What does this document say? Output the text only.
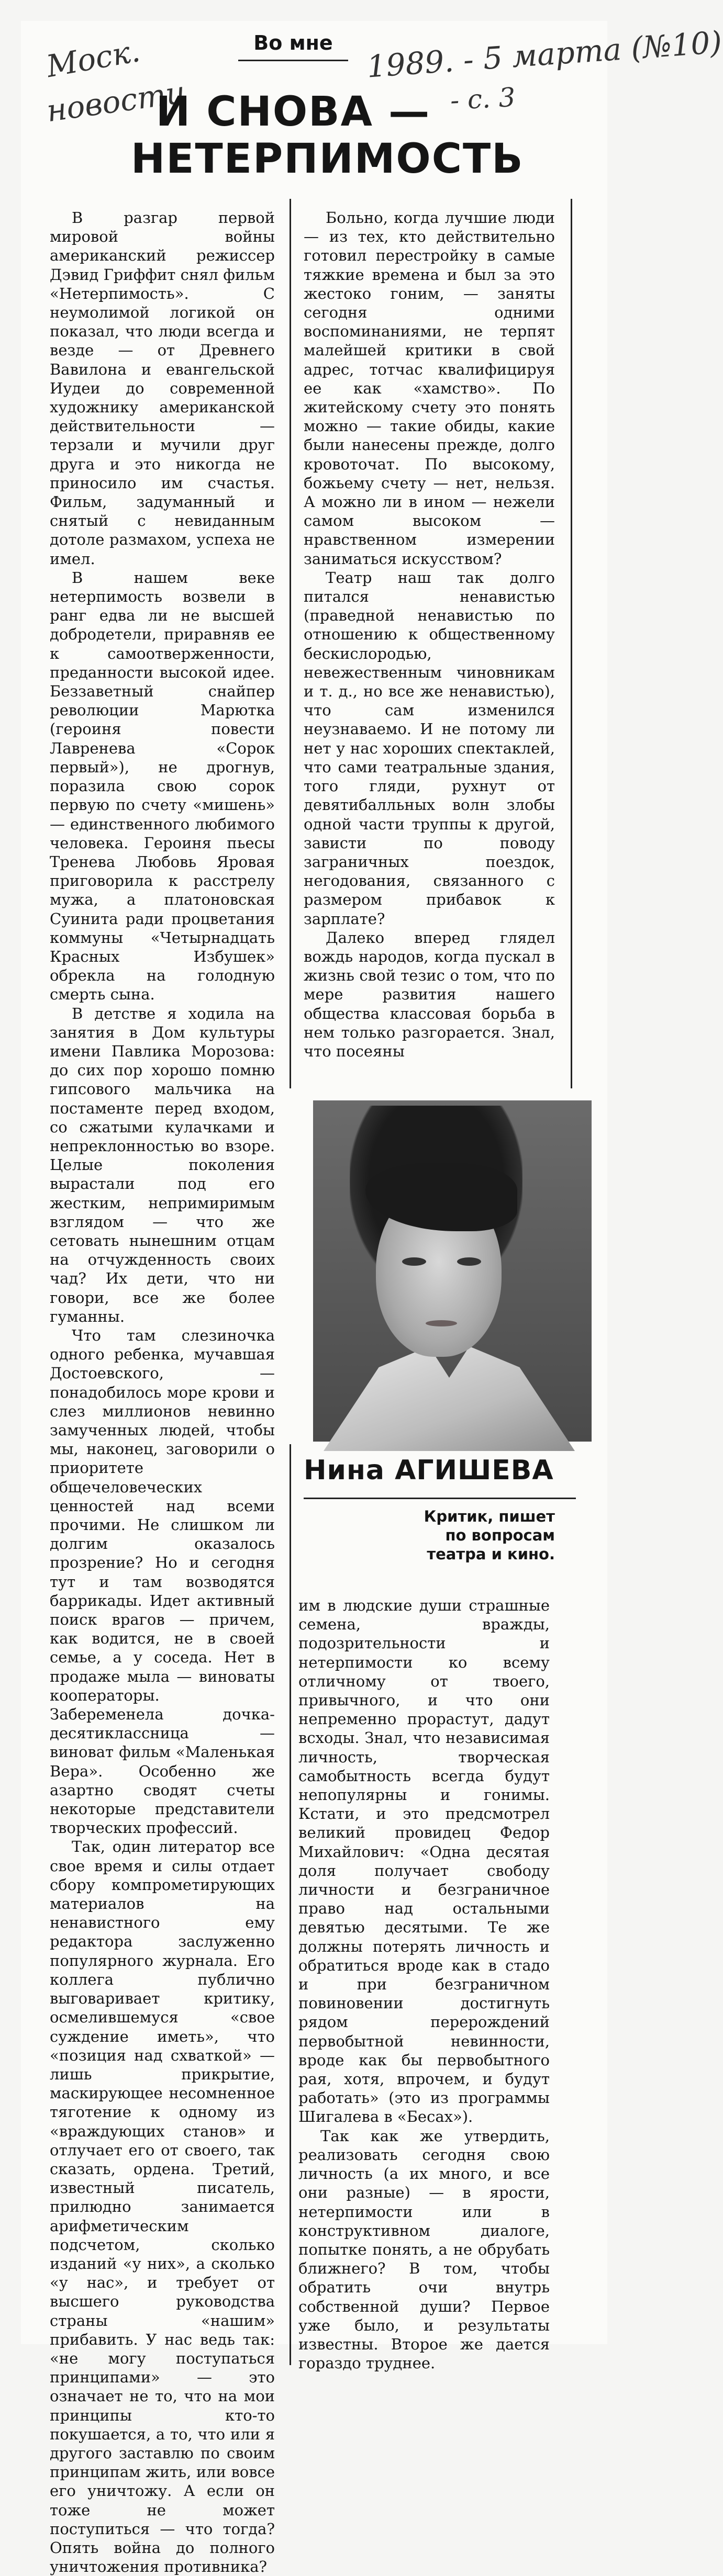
Моск.
новости
1989. - 5 марта (№10)
- с. 3
Во мне
И СНОВА —
НЕТЕРПИМОСТЬ

В разгар первой мировой войны американский режиссер Дэвид Гриффит снял фильм «Нетерпимость». С неумолимой логикой он показал, что люди всегда и везде — от Древнего Вавилона и евангельской Иудеи до современной художнику американской действительности — терзали и мучили друг друга и это никогда не приносило им счастья. Фильм, задуманный и снятый с невиданным дотоле размахом, успеха не имел.

В нашем веке нетерпимость возвели в ранг едва ли не высшей добродетели, приравняв ее к самоотверженности, преданности высокой идее. Беззаветный снайпер революции Марютка (героиня повести Лавренева «Сорок первый»), не дрогнув, поразила свою сорок первую по счету «мишень» — единственного любимого человека. Героиня пьесы Тренева Любовь Яровая приговорила к расстрелу мужа, а платоновская Суинита ради процветания коммуны «Четырнадцать Красных Избушек» обрекла на голодную смерть сына.

В детстве я ходила на занятия в Дом культуры имени Павлика Морозова: до сих пор хорошо помню гипсового мальчика на постаменте перед входом, со сжатыми кулачками и непреклонностью во взоре. Целые поколения вырастали под его жестким, непримиримым взглядом — что же сетовать нынешним отцам на отчужденность своих чад? Их дети, что ни говори, все же более гуманны.

Что там слезиночка одного ребенка, мучавшая Достоевского, — понадобилось море крови и слез миллионов невинно замученных людей, чтобы мы, наконец, заговорили о приоритете общечеловеческих ценностей над всеми прочими. Не слишком ли долгим оказалось прозрение? Но и сегодня тут и там возводятся баррикады. Идет активный поиск врагов — причем, как водится, не в своей семье, а у соседа. Нет в продаже мыла — виноваты кооператоры. Забеременела дочка-десятиклассница — виноват фильм «Маленькая Вера». Особенно же азартно сводят счеты некоторые представители творческих профессий.

Так, один литератор все свое время и силы отдает сбору компрометирующих материалов на ненавистного ему редактора заслуженно популярного журнала. Его коллега публично выговаривает критику, осмелившемуся «свое суждение иметь», что «позиция над схваткой» — лишь прикрытие, маскирующее несомненное тяготение к одному из «враждующих станов» и отлучает его от своего, так сказать, ордена. Третий, известный писатель, прилюдно занимается арифметическим подсчетом, сколько изданий «у них», а сколько «у нас», и требует от высшего руководства страны «нашим» прибавить. У нас ведь так: «не могу поступаться принципами» — это означает не то, что на мои принципы кто-то покушается, а то, что или я другого заставлю по своим принципам жить, или вовсе его уничтожу. А если он тоже не может поступиться — что тогда? Опять война до полного уничтожения противника?

Больно, когда лучшие люди — из тех, кто действительно готовил перестройку в самые тяжкие времена и был за это жестоко гоним, — заняты сегодня одними воспоминаниями, не терпят малейшей критики в свой адрес, тотчас квалифицируя ее как «хамство». По житейскому счету это понять можно — такие обиды, какие были нанесены прежде, долго кровоточат. По высокому, божьему счету — нет, нельзя. А можно ли в ином — нежели самом высоком — нравственном измерении заниматься искусством?

Театр наш так долго питался ненавистью (праведной ненавистью по отношению к общественному бескислородью, невежественным чиновникам и т. д., но все же ненавистью), что сам изменился неузнаваемо. И не потому ли нет у нас хороших спектаклей, что сами театральные здания, того гляди, рухнут от девятибалльных волн злобы одной части труппы к другой, зависти по поводу заграничных поездок, негодования, связанного с размером прибавок к зарплате?

Далеко вперед глядел вождь народов, когда пускал в жизнь свой тезис о том, что по мере развития нашего общества классовая борьба в нем только разгорается. Знал, что посеяны

Нина АГИШЕВА
Критик, пишет
по вопросам
театра и кино.

им в людские души страшные семена, вражды, подозрительности и нетерпимости ко всему отличному от твоего, привычного, и что они непременно прорастут, дадут всходы. Знал, что независимая личность, творческая самобытность всегда будут непопулярны и гонимы. Кстати, и это предсмотрел великий провидец Федор Михайлович: «Одна десятая доля получает свободу личности и безграничное право над остальными девятью десятыми. Те же должны потерять личность и обратиться вроде как в стадо и при безграничном повиновении достигнуть рядом перерождений первобытной невинности, вроде как бы первобытного рая, хотя, впрочем, и будут работать» (это из программы Шигалева в «Бесах»).

Так как же утвердить, реализовать сегодня свою личность (а их много, и все они разные) — в ярости, нетерпимости или в конструктивном диалоге, попытке понять, а не обрубать ближнего? В том, чтобы обратить очи внутрь собственной души? Первое уже было, и результаты известны. Второе же дается гораздо труднее.
